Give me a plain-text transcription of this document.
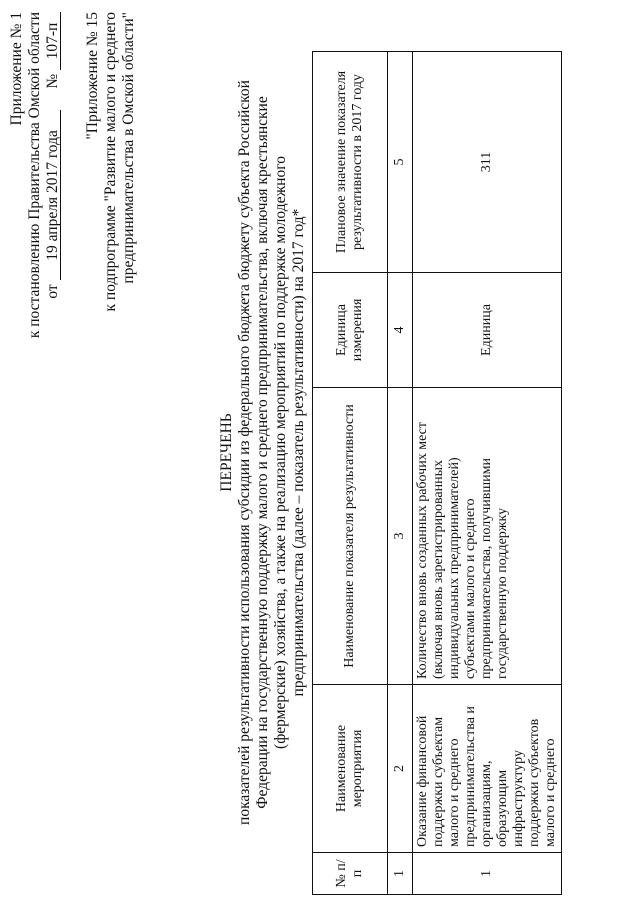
Приложение № 1 к постановлению Правительства Омской области от 19 апреля 2017 года  № 107-п "Приложение № 15 к подпрограмме "Развитие малого и среднего предпринимательства в Омской области"
ПЕРЕЧЕНЬ показателей результативности использования субсидии из федерального бюджета бюджету субъекта Российской Федерации на государственную поддержку малого и среднего предпринимательства, включая крестьянские (фермерские) хозяйства, а также на реализацию мероприятий по поддержке молодежного предпринимательства (далее – показатель результативности) на 2017 год*
№ п/п	Наименование мероприятия	Наименование показателя результативности	Единица измерения	Плановое значение показателя результативности в 2017 году
1	2	3	4	5
1	Оказание финансовой поддержки субъектам малого и среднего предпринимательства и организациям, образующим инфраструктуру поддержки субъектов малого и среднего	Количество вновь созданных рабочих мест (включая вновь зарегистрированных индивидуальных предпринимателей) субъектами малого и среднего предпринимательства, получившими государственную поддержку	Единица	311
